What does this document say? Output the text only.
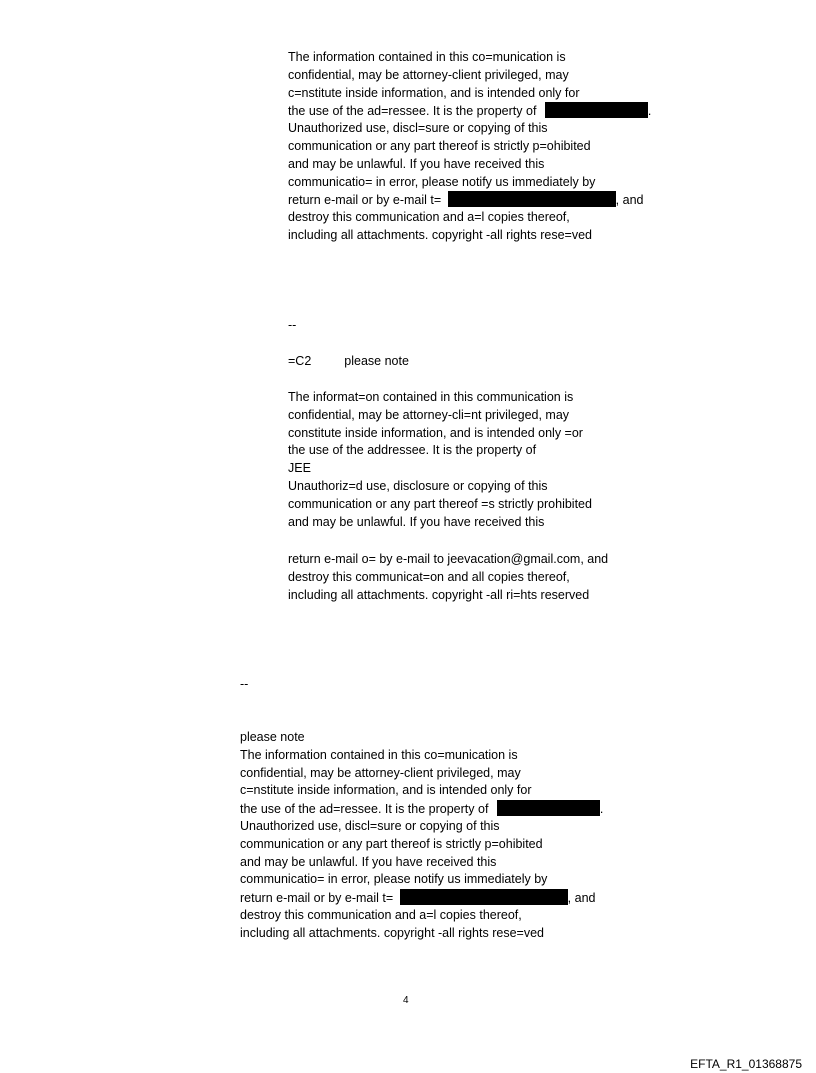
The information contained in this co=munication is
confidential, may be attorney-client privileged, may
c=nstitute inside information, and is intended only for
the use of the ad=ressee. It is the property of	.
Unauthorized use, discl=sure or copying of this
communication or any part thereof is strictly p=ohibited
and may be unlawful. If you have received this
communicatio= in error, please notify us immediately by
return e-mail or by e-mail t=	, and
destroy this communication and a=l copies thereof,
including all attachments. copyright -all rights rese=ved
--
=C2	please note
The informat=on contained in this communication is
confidential, may be attorney-cli=nt privileged, may
constitute inside information, and is intended only =or
the use of the addressee. It is the property of
JEE
Unauthoriz=d use, disclosure or copying of this
communication or any part thereof =s strictly prohibited
and may be unlawful. If you have received this
return e-mail o= by e-mail to jeevacation@gmail.com, and
destroy this communicat=on and all copies thereof,
including all attachments. copyright -all ri=hts reserved
--
please note
The information contained in this co=munication is
confidential, may be attorney-client privileged, may
c=nstitute inside information, and is intended only for
the use of the ad=ressee. It is the property of	.
Unauthorized use, discl=sure or copying of this
communication or any part thereof is strictly p=ohibited
and may be unlawful. If you have received this
communicatio= in error, please notify us immediately by
return e-mail or by e-mail t=	, and
destroy this communication and a=l copies thereof,
including all attachments. copyright -all rights rese=ved
4
EFTA_R1_01368875
